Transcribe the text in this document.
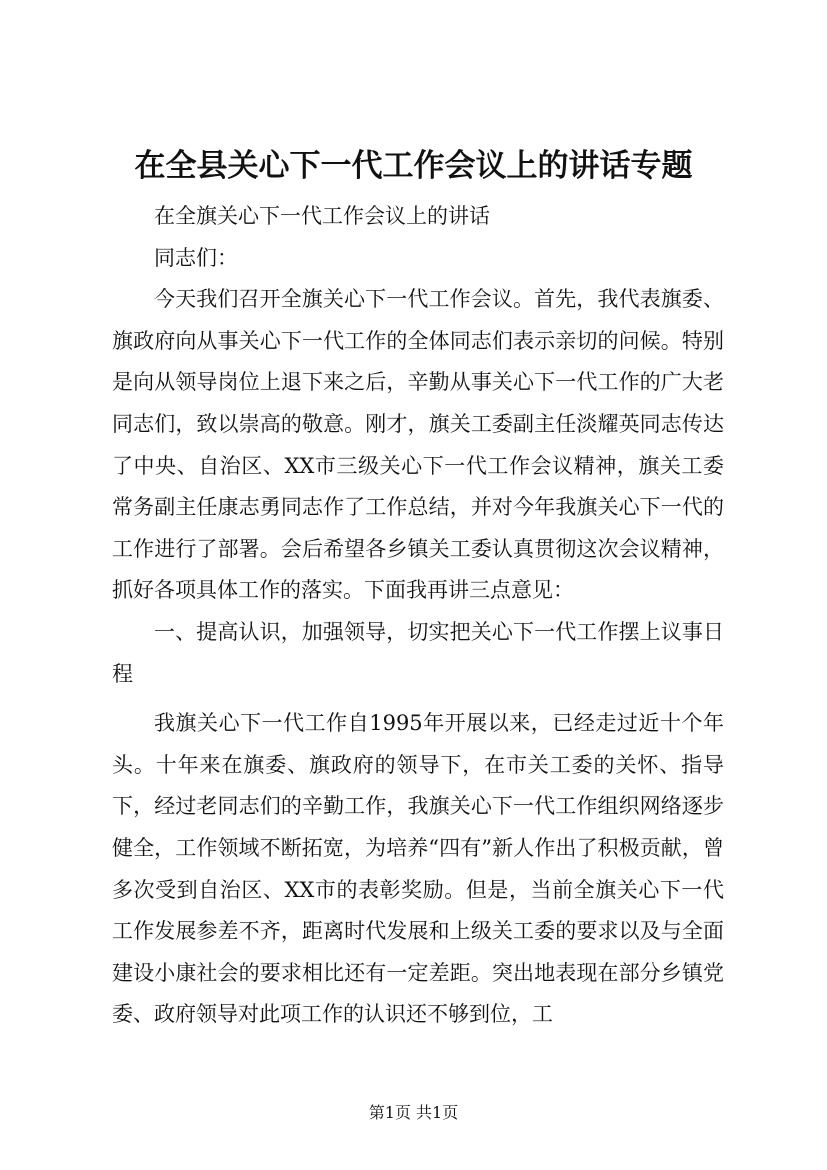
在全县关心下一代工作会议上的讲话专题

在全旗关心下一代工作会议上的讲话

同志们：

今天我们召开全旗关心下一代工作会议。首先，我代表旗委、旗政府向从事关心下一代工作的全体同志们表示亲切的问候。特别是向从领导岗位上退下来之后，辛勤从事关心下一代工作的广大老同志们，致以崇高的敬意。刚才，旗关工委副主任淡耀英同志传达了中央、自治区、XX市三级关心下一代工作会议精神，旗关工委常务副主任康志勇同志作了工作总结，并对今年我旗关心下一代的工作进行了部署。会后希望各乡镇关工委认真贯彻这次会议精神，抓好各项具体工作的落实。下面我再讲三点意见：

一、提高认识，加强领导，切实把关心下一代工作摆上议事日程

我旗关心下一代工作自1995年开展以来，已经走过近十个年头。十年来在旗委、旗政府的领导下，在市关工委的关怀、指导下，经过老同志们的辛勤工作，我旗关心下一代工作组织网络逐步健全，工作领域不断拓宽，为培养“四有”新人作出了积极贡献，曾多次受到自治区、XX市的表彰奖励。但是，当前全旗关心下一代工作发展参差不齐，距离时代发展和上级关工委的要求以及与全面建设小康社会的要求相比还有一定差距。突出地表现在部分乡镇党委、政府领导对此项工作的认识还不够到位，工

第1页 共1页
